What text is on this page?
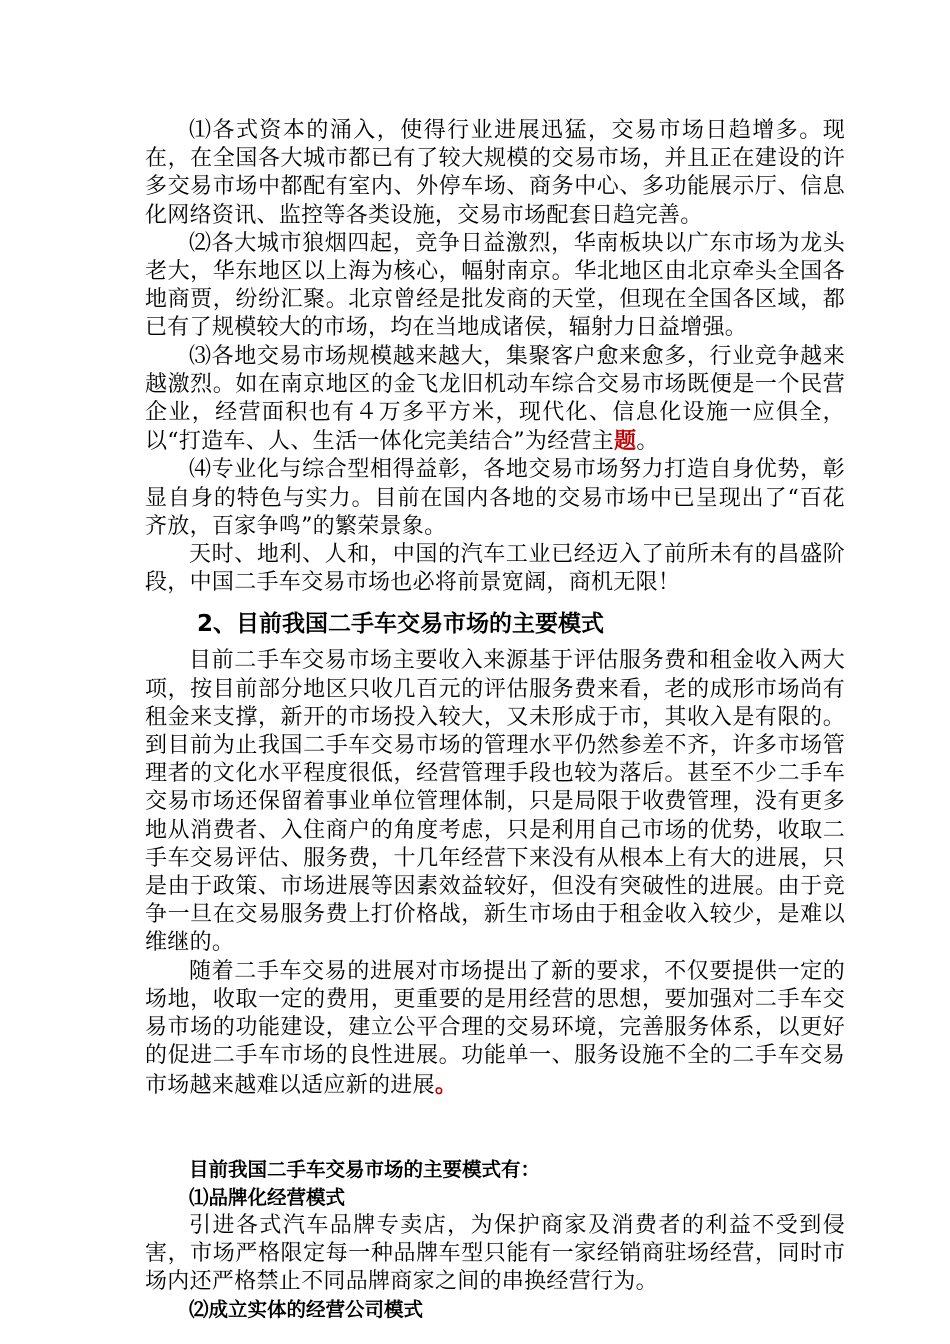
⑴各式资本的涌入，使得行业进展迅猛，交易市场日趋增多。现在，在全国各大城市都已有了较大规模的交易市场，并且正在建设的许多交易市场中都配有室内、外停车场、商务中心、多功能展示厅、信息化网络资讯、监控等各类设施，交易市场配套日趋完善。

⑵各大城市狼烟四起，竞争日益激烈，华南板块以广东市场为龙头老大，华东地区以上海为核心，幅射南京。华北地区由北京牵头全国各地商贾，纷纷汇聚。北京曾经是批发商的天堂，但现在全国各区域，都已有了规模较大的市场，均在当地成诸侯，辐射力日益增强。

⑶各地交易市场规模越来越大，集聚客户愈来愈多，行业竞争越来越激烈。如在南京地区的金飞龙旧机动车综合交易市场既便是一个民营企业，经营面积也有４万多平方米，现代化、信息化设施一应俱全，以“打造车、人、生活一体化完美结合”为经营主题。

⑷专业化与综合型相得益彰，各地交易市场努力打造自身优势，彰显自身的特色与实力。目前在国内各地的交易市场中已呈现出了“百花齐放，百家争鸣”的繁荣景象。

天时、地利、人和，中国的汽车工业已经迈入了前所未有的昌盛阶段，中国二手车交易市场也必将前景宽阔，商机无限！

2、目前我国二手车交易市场的主要模式

目前二手车交易市场主要收入来源基于评估服务费和租金收入两大项，按目前部分地区只收几百元的评估服务费来看，老的成形市场尚有租金来支撑，新开的市场投入较大，又未形成于市，其收入是有限的。到目前为止我国二手车交易市场的管理水平仍然参差不齐，许多市场管理者的文化水平程度很低，经营管理手段也较为落后。甚至不少二手车交易市场还保留着事业单位管理体制，只是局限于收费管理，没有更多地从消费者、入住商户的角度考虑，只是利用自己市场的优势，收取二手车交易评估、服务费，十几年经营下来没有从根本上有大的进展，只是由于政策、市场进展等因素效益较好，但没有突破性的进展。由于竞争一旦在交易服务费上打价格战，新生市场由于租金收入较少，是难以维继的。

随着二手车交易的进展对市场提出了新的要求，不仅要提供一定的场地，收取一定的费用，更重要的是用经营的思想，要加强对二手车交易市场的功能建设，建立公平合理的交易环境，完善服务体系，以更好的促进二手车市场的良性进展。功能单一、服务设施不全的二手车交易市场越来越难以适应新的进展。

目前我国二手车交易市场的主要模式有：
⑴品牌化经营模式

引进各式汽车品牌专卖店，为保护商家及消费者的利益不受到侵害，市场严格限定每一种品牌车型只能有一家经销商驻场经营，同时市场内还严格禁止不同品牌商家之间的串换经营行为。

⑵成立实体的经营公司模式
